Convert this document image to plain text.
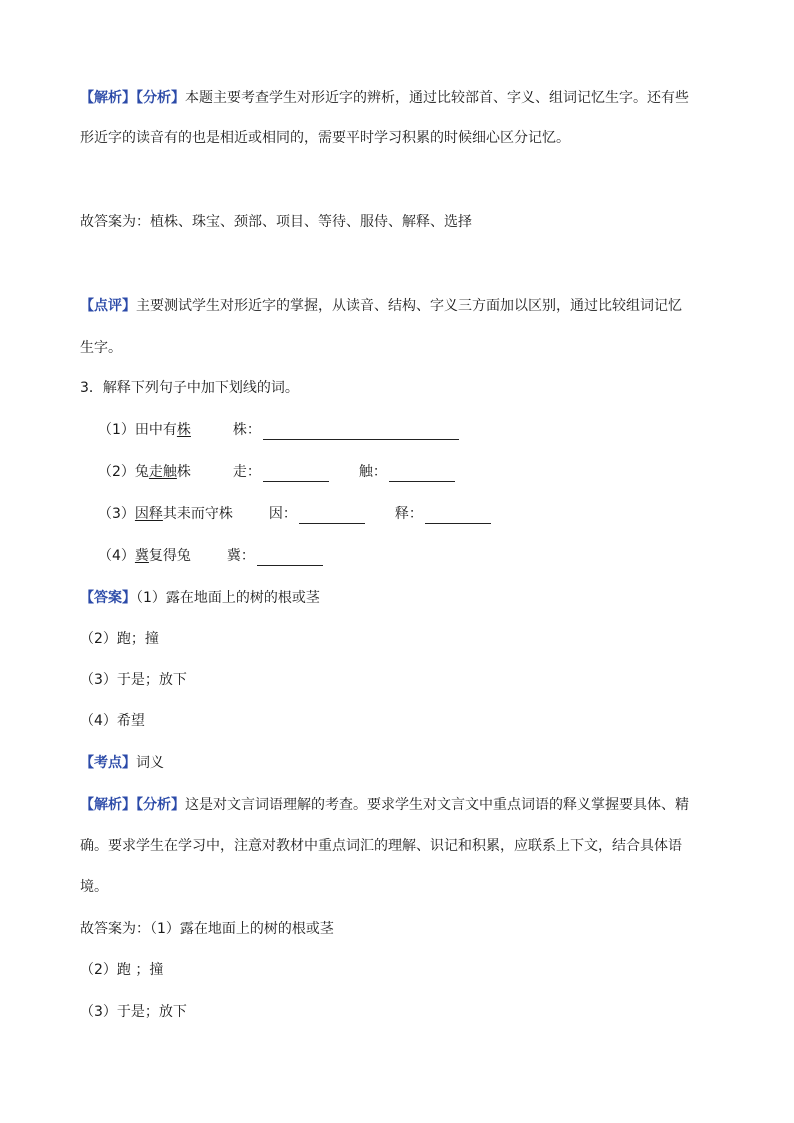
【解析】【分析】本题主要考查学生对形近字的辨析，通过比较部首、字义、组词记忆生字。还有些
形近字的读音有的也是相近或相同的，需要平时学习积累的时候细心区分记忆。
故答案为：植株、珠宝、颈部、项目、等待、服侍、解释、选择
【点评】主要测试学生对形近字的掌握，从读音、结构、字义三方面加以区别，通过比较组词记忆
生字。
3．解释下列句子中加下划线的词。
（1）田中有株	株：
（2）兔走触株	走：	触：
（3）因释其耒而守株	因：	释：
（4）冀复得兔	冀：
【答案】（1）露在地面上的树的根或茎
（2）跑；撞
（3）于是；放下
（4）希望
【考点】词义
【解析】【分析】这是对文言词语理解的考查。要求学生对文言文中重点词语的释义掌握要具体、精
确。要求学生在学习中，注意对教材中重点词汇的理解、识记和积累，应联系上下文，结合具体语
境。
故答案为：（1）露在地面上的树的根或茎
（2）跑 ；撞
（3）于是；放下
